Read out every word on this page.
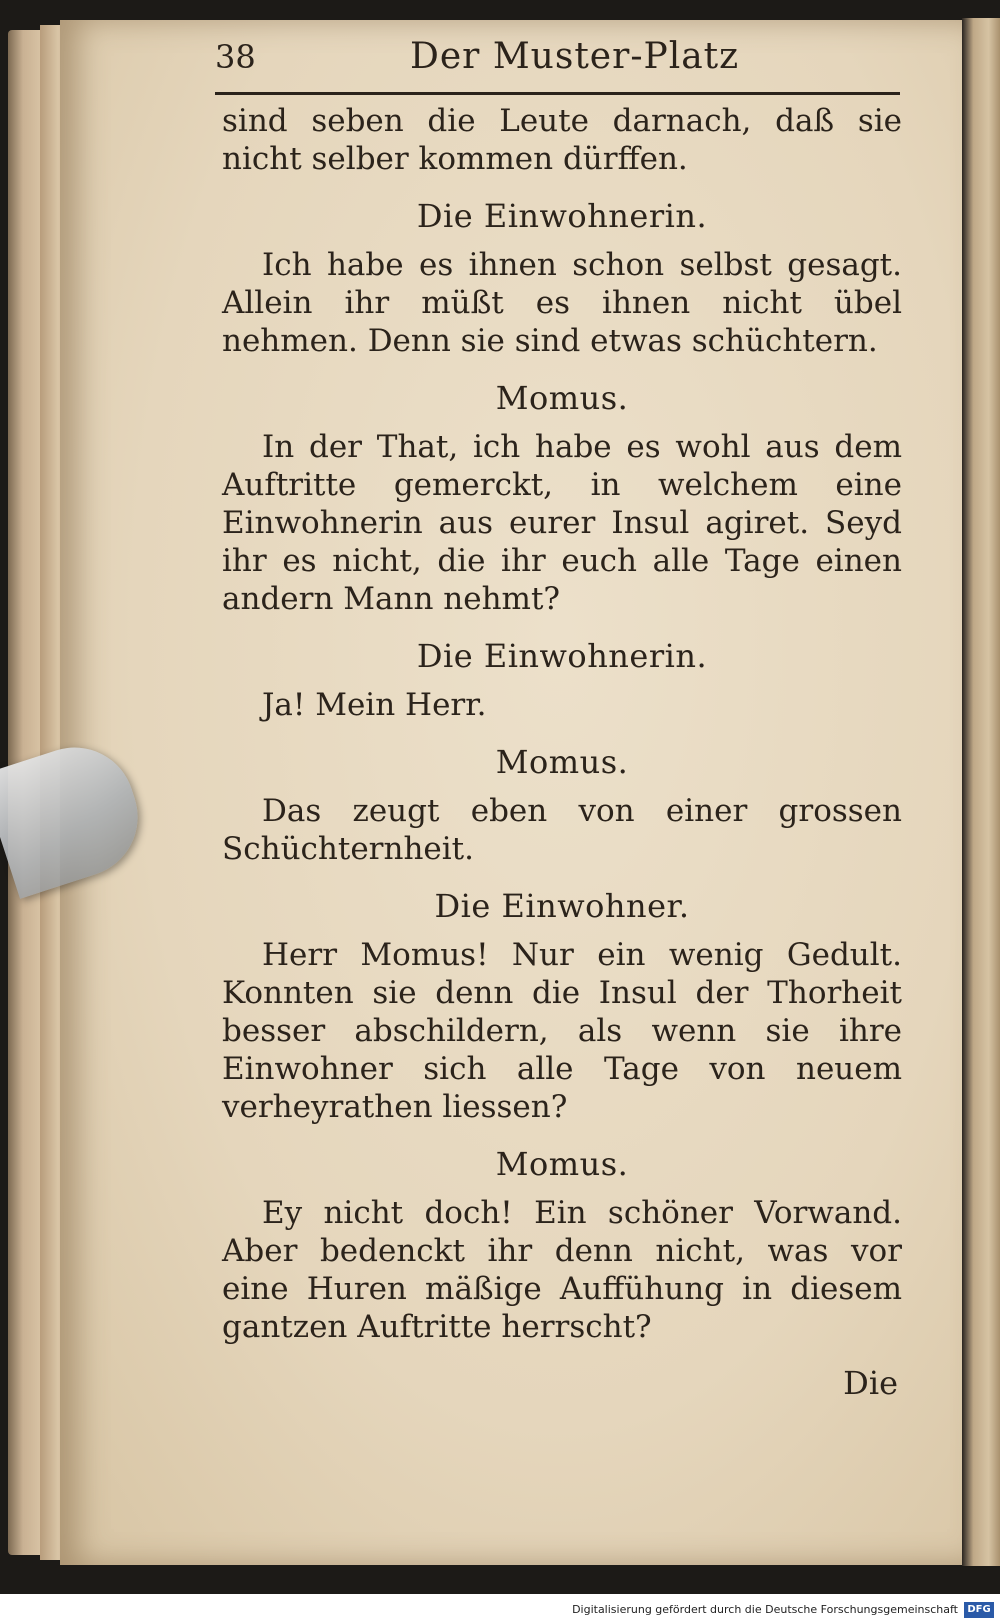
38	Der Muster-Platz

sind seben die Leute darnach, daß sie nicht selber kommen dürffen.

Die Einwohnerin.

Ich habe es ihnen schon selbst gesagt. Allein ihr müßt es ihnen nicht übel nehmen. Denn sie sind etwas schüchtern.

Momus.

In der That, ich habe es wohl aus dem Auftritte gemerckt, in welchem eine Einwohnerin aus eurer Insul agiret. Seyd ihr es nicht, die ihr euch alle Tage einen andern Mann nehmt?

Die Einwohnerin.

Ja! Mein Herr.

Momus.

Das zeugt eben von einer grossen Schüchternheit.

Die Einwohner.

Herr Momus! Nur ein wenig Gedult. Konnten sie denn die Insul der Thorheit besser abschildern, als wenn sie ihre Einwohner sich alle Tage von neuem verheyrathen liessen?

Momus.

Ey nicht doch! Ein schöner Vorwand. Aber bedenckt ihr denn nicht, was vor eine Huren mäßige Auffühung in diesem gantzen Auftritte herrscht?

Die
Digitalisierung gefördert durch die Deutsche Forschungsgemeinschaft DFG
